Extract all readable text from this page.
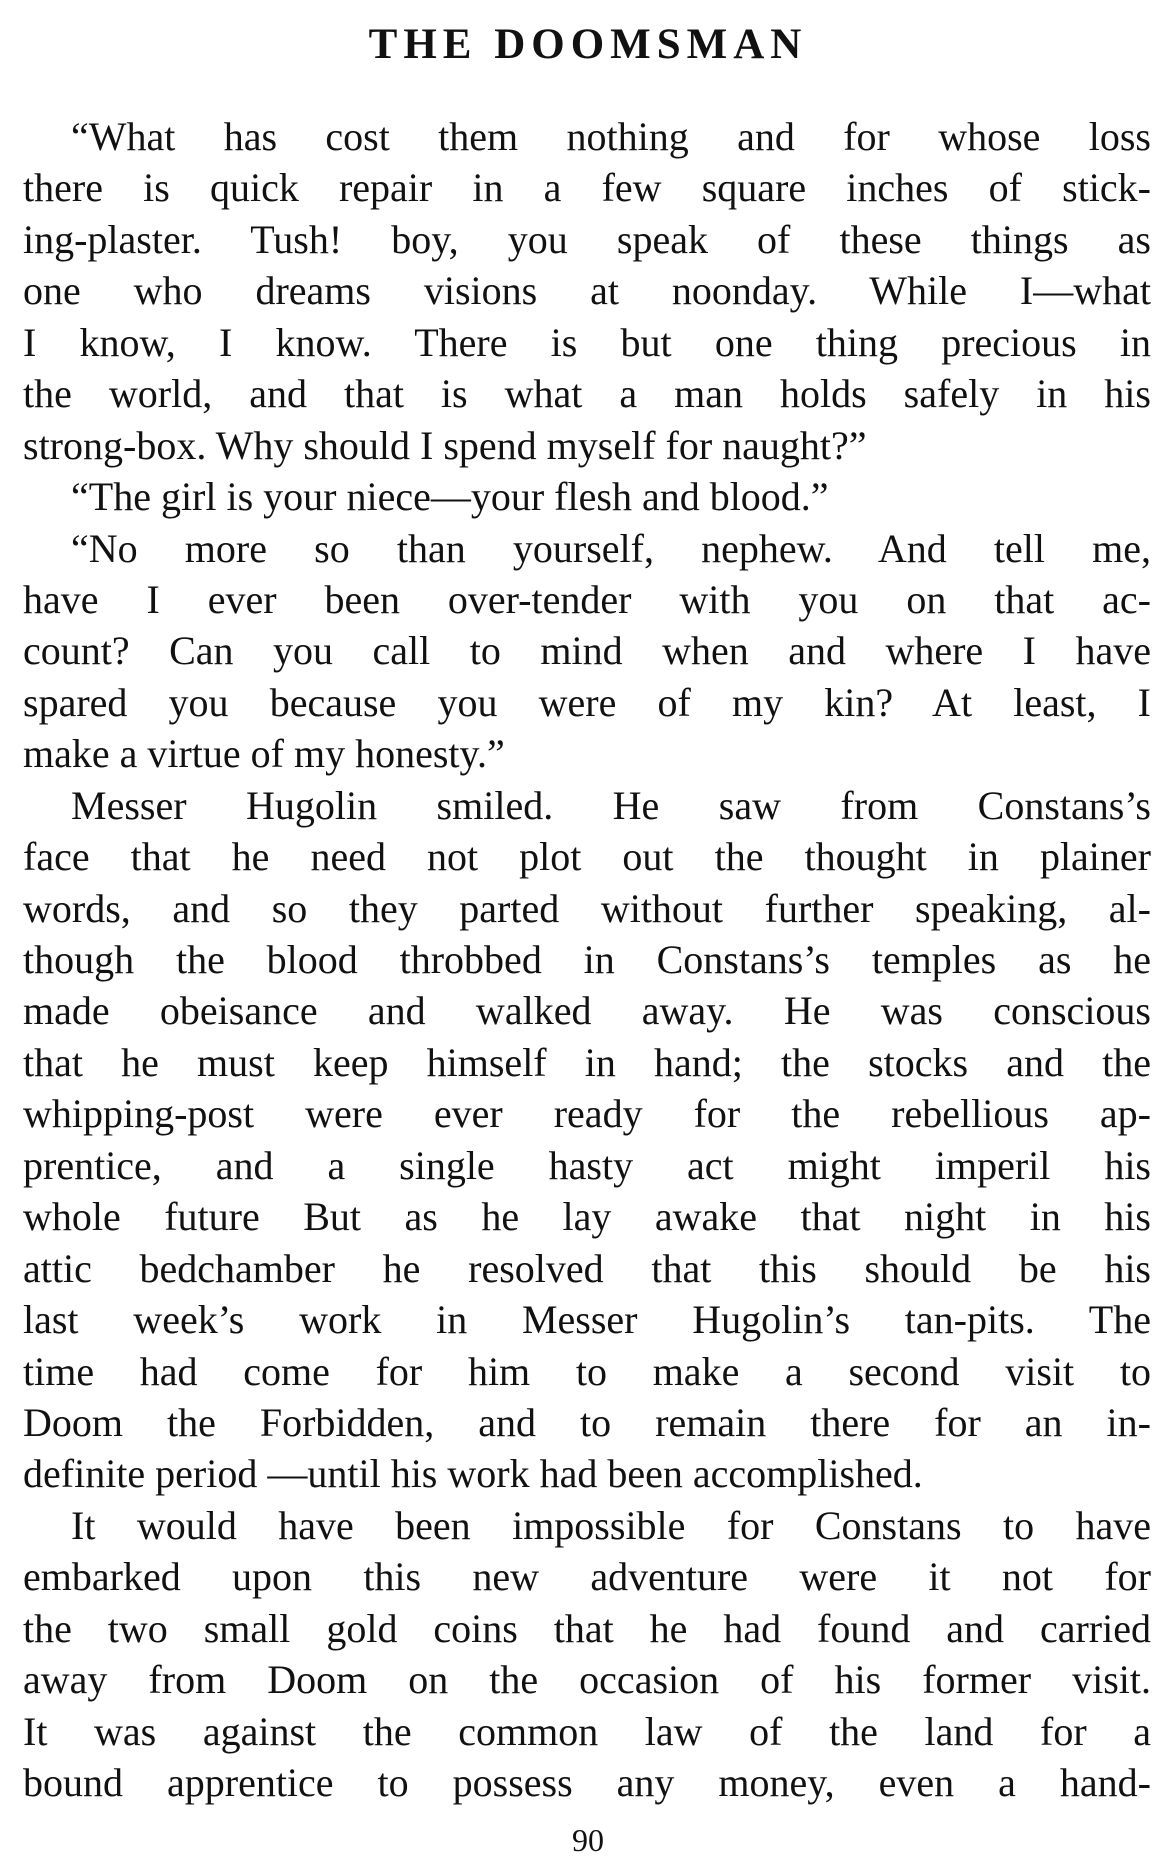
THE DOOMSMAN
“What has cost them nothing and for whose loss
there is quick repair in a few square inches of stick-
ing-plaster. Tush! boy, you speak of these things as
one who dreams visions at noonday. While I—what
I know, I know. There is but one thing precious in
the world, and that is what a man holds safely in his
strong-box. Why should I spend myself for naught?”
“The girl is your niece—your flesh and blood.”
“No more so than yourself, nephew. And tell me,
have I ever been over-tender with you on that ac-
count? Can you call to mind when and where I have
spared you because you were of my kin? At least, I
make a virtue of my honesty.”
Messer Hugolin smiled. He saw from Constans’s
face that he need not plot out the thought in plainer
words, and so they parted without further speaking, al-
though the blood throbbed in Constans’s temples as he
made obeisance and walked away. He was conscious
that he must keep himself in hand; the stocks and the
whipping-post were ever ready for the rebellious ap-
prentice, and a single hasty act might imperil his
whole future But as he lay awake that night in his
attic bedchamber he resolved that this should be his
last week’s work in Messer Hugolin’s tan-pits. The
time had come for him to make a second visit to
Doom the Forbidden, and to remain there for an in-
definite period —until his work had been accomplished.
It would have been impossible for Constans to have
embarked upon this new adventure were it not for
the two small gold coins that he had found and carried
away from Doom on the occasion of his former visit.
It was against the common law of the land for a
bound apprentice to possess any money, even a hand-
90
